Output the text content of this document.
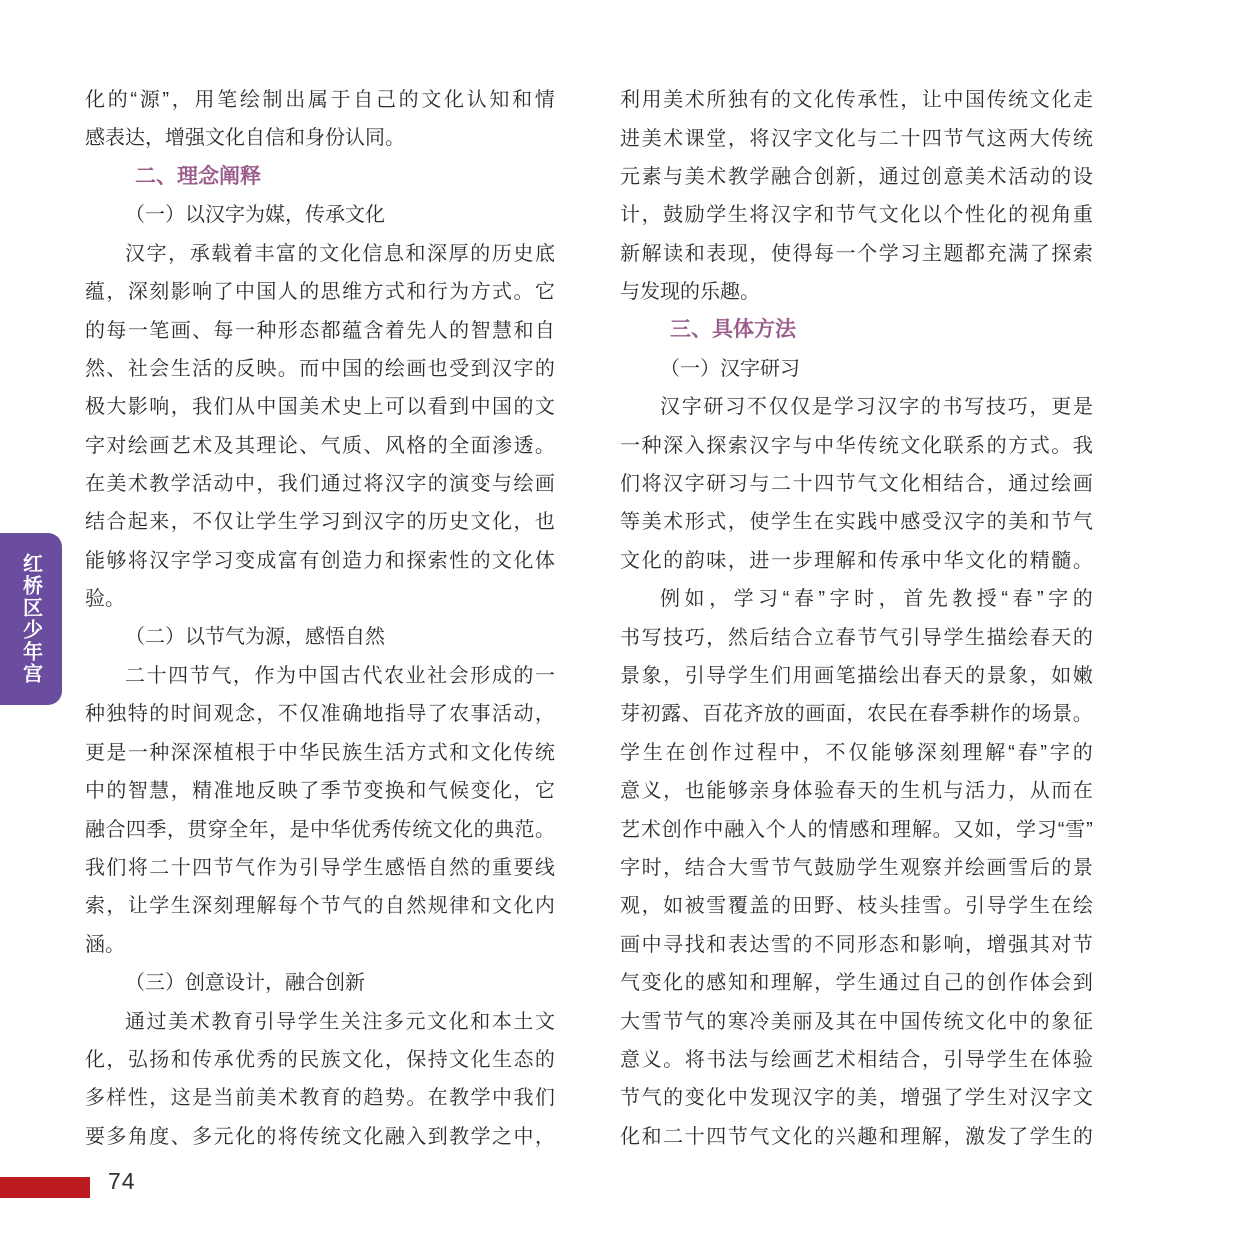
红桥区少年宫
化 的 “ 源 ” ， 用 笔 绘 制 出 属 于 自 己 的 文 化 认 知 和 情
感表达，增强文化自信和身份认同。
二、理念阐释
（一）以汉字为媒，传承文化
汉 字 ， 承 载 着 丰 富 的 文 化 信 息 和 深 厚 的 历 史 底
蕴 ， 深 刻 影 响 了 中 国 人 的 思 维 方 式 和 行 为 方 式 。 它
的 每 一 笔 画 、 每 一 种 形 态 都 蕴 含 着 先 人 的 智 慧 和 自
然 、 社 会 生 活 的 反 映 。 而 中 国 的 绘 画 也 受 到 汉 字 的
极 大 影 响 ， 我 们 从 中 国 美 术 史 上 可 以 看 到 中 国 的 文
字 对 绘 画 艺 术 及 其 理 论 、 气 质 、 风 格 的 全 面 渗 透 。
在 美 术 教 学 活 动 中 ， 我 们 通 过 将 汉 字 的 演 变 与 绘 画
结 合 起 来 ， 不 仅 让 学 生 学 习 到 汉 字 的 历 史 文 化 ， 也
能 够 将 汉 字 学 习 变 成 富 有 创 造 力 和 探 索 性 的 文 化 体
验。
（二）以节气为源，感悟自然
二 十 四 节 气 ， 作 为 中 国 古 代 农 业 社 会 形 成 的 一
种 独 特 的 时 间 观 念 ， 不 仅 准 确 地 指 导 了 农 事 活 动 ，
更 是 一 种 深 深 植 根 于 中 华 民 族 生 活 方 式 和 文 化 传 统
中 的 智 慧 ， 精 准 地 反 映 了 季 节 变 换 和 气 候 变 化 ， 它
融 合 四 季 ， 贯 穿 全 年 ， 是 中 华 优 秀 传 统 文 化 的 典 范 。
我 们 将 二 十 四 节 气 作 为 引 导 学 生 感 悟 自 然 的 重 要 线
索 ， 让 学 生 深 刻 理 解 每 个 节 气 的 自 然 规 律 和 文 化 内
涵。
（三）创意设计，融合创新
通 过 美 术 教 育 引 导 学 生 关 注 多 元 文 化 和 本 土 文
化 ， 弘 扬 和 传 承 优 秀 的 民 族 文 化 ， 保 持 文 化 生 态 的
多 样 性 ， 这 是 当 前 美 术 教 育 的 趋 势 。 在 教 学 中 我 们
要 多 角 度 、 多 元 化 的 将 传 统 文 化 融 入 到 教 学 之 中 ，
利 用 美 术 所 独 有 的 文 化 传 承 性 ， 让 中 国 传 统 文 化 走
进 美 术 课 堂 ， 将 汉 字 文 化 与 二 十 四 节 气 这 两 大 传 统
元 素 与 美 术 教 学 融 合 创 新 ， 通 过 创 意 美 术 活 动 的 设
计 ， 鼓 励 学 生 将 汉 字 和 节 气 文 化 以 个 性 化 的 视 角 重
新 解 读 和 表 现 ， 使 得 每 一 个 学 习 主 题 都 充 满 了 探 索
与发现的乐趣。
三、具体方法
（一）汉字研习
汉 字 研 习 不 仅 仅 是 学 习 汉 字 的 书 写 技 巧 ， 更 是
一 种 深 入 探 索 汉 字 与 中 华 传 统 文 化 联 系 的 方 式 。 我
们 将 汉 字 研 习 与 二 十 四 节 气 文 化 相 结 合 ， 通 过 绘 画
等 美 术 形 式 ， 使 学 生 在 实 践 中 感 受 汉 字 的 美 和 节 气
文 化 的 韵 味 ， 进 一 步 理 解 和 传 承 中 华 文 化 的 精 髓 。
例 如 ， 学 习 “ 春 ” 字 时 ， 首 先 教 授 “ 春 ” 字 的
书 写 技 巧 ， 然 后 结 合 立 春 节 气 引 导 学 生 描 绘 春 天 的
景 象 ， 引 导 学 生 们 用 画 笔 描 绘 出 春 天 的 景 象 ， 如 嫩
芽 初 露 、 百 花 齐 放 的 画 面 ， 农 民 在 春 季 耕 作 的 场 景 。
学 生 在 创 作 过 程 中 ， 不 仅 能 够 深 刻 理 解 “ 春 ” 字 的
意 义 ， 也 能 够 亲 身 体 验 春 天 的 生 机 与 活 力 ， 从 而 在
艺 术 创 作 中 融 入 个 人 的 情 感 和 理 解 。 又 如 ， 学 习 “ 雪 ”
字 时 ， 结 合 大 雪 节 气 鼓 励 学 生 观 察 并 绘 画 雪 后 的 景
观 ， 如 被 雪 覆 盖 的 田 野 、 枝 头 挂 雪 。 引 导 学 生 在 绘
画 中 寻 找 和 表 达 雪 的 不 同 形 态 和 影 响 ， 增 强 其 对 节
气 变 化 的 感 知 和 理 解 ， 学 生 通 过 自 己 的 创 作 体 会 到
大 雪 节 气 的 寒 冷 美 丽 及 其 在 中 国 传 统 文 化 中 的 象 征
意 义 。 将 书 法 与 绘 画 艺 术 相 结 合 ， 引 导 学 生 在 体 验
节 气 的 变 化 中 发 现 汉 字 的 美 ， 增 强 了 学 生 对 汉 字 文
化 和 二 十 四 节 气 文 化 的 兴 趣 和 理 解 ， 激 发 了 学 生 的
74
